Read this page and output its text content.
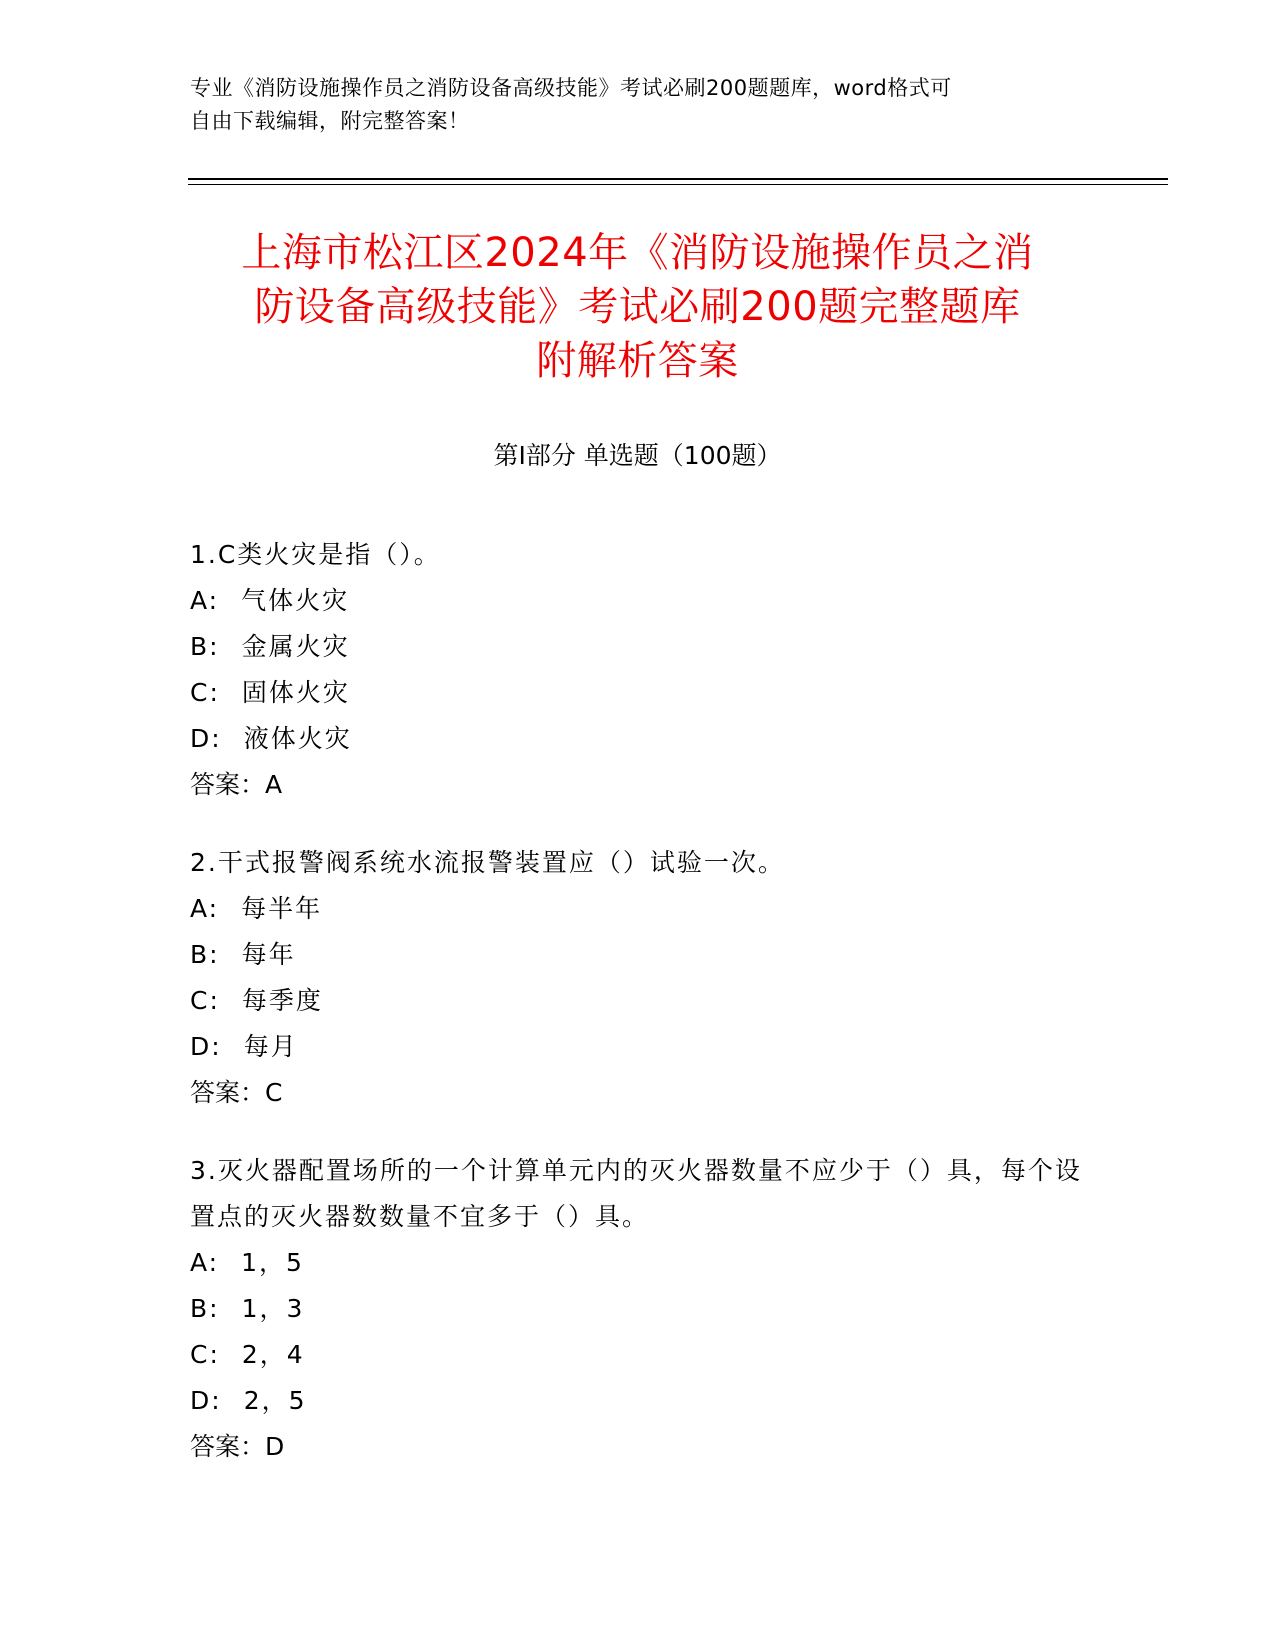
专业《消防设施操作员之消防设备高级技能》考试必刷200题题库，word格式可
自由下载编辑，附完整答案！
上海市松江区2024年《消防设施操作员之消
防设备高级技能》考试必刷200题完整题库
附解析答案
第Ⅰ部分 单选题（100题）
1.C类火灾是指（）。
A: 气体火灾
B: 金属火灾
C: 固体火灾
D: 液体火灾
答案：A
2.干式报警阀系统水流报警装置应（）试验一次。
A: 每半年
B: 每年
C: 每季度
D: 每月
答案：C
3.灭火器配置场所的一个计算单元内的灭火器数量不应少于（）具，每个设置点的灭火器数数量不宜多于（）具。
A: 1，5
B: 1，3
C: 2，4
D: 2，5
答案：D
